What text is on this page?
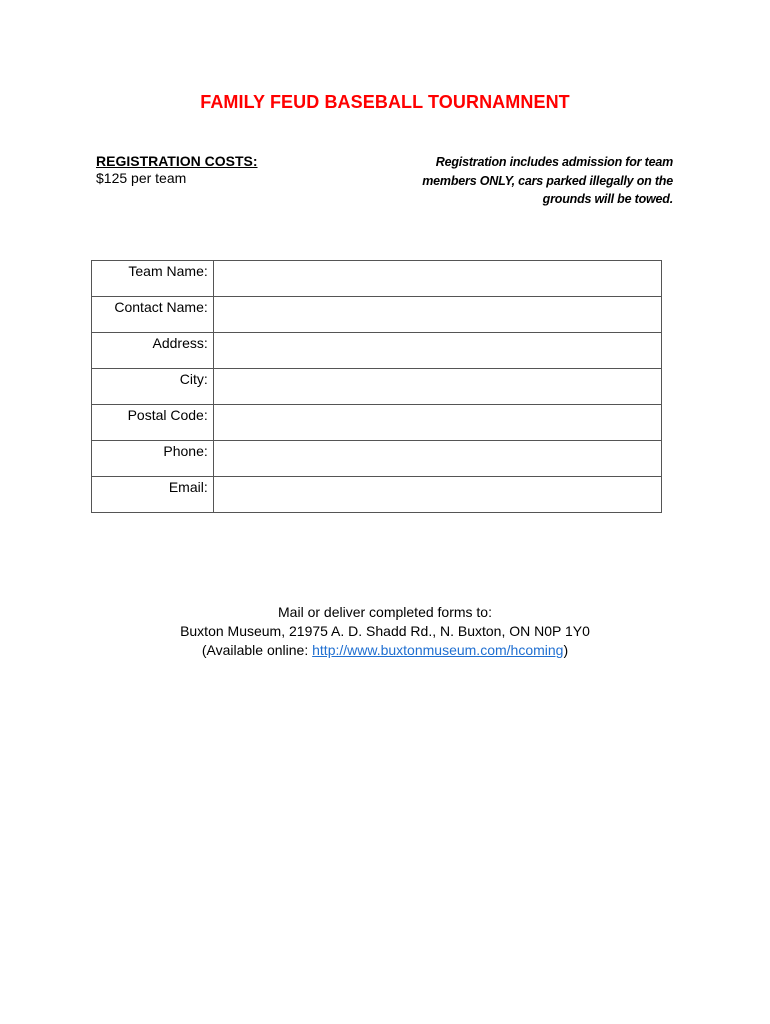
FAMILY FEUD BASEBALL TOURNAMNENT
REGISTRATION COSTS:
$125 per team
Registration includes admission for team
members ONLY, cars parked illegally on the
grounds will be towed.
Team Name:	
Contact Name:	
Address:	
City:	
Postal Code:	
Phone:	
Email:	
Mail or deliver completed forms to:
Buxton Museum, 21975 A. D. Shadd Rd., N. Buxton, ON N0P 1Y0
(Available online: http://www.buxtonmuseum.com/hcoming)
